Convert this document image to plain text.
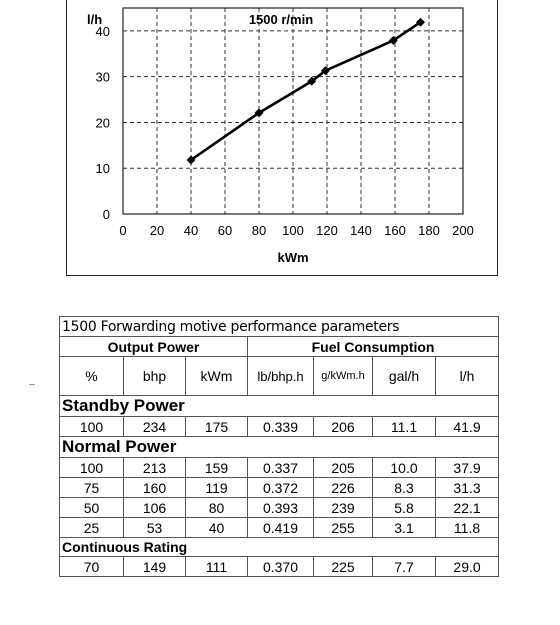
1500 r/min
l/h
kWm
0 20 40 60 80 100 120 140 160 180 200
0
10
20
30
40
1500 Forwarding motive performance parameters						
Output Power			Fuel Consumption			
%	bhp	kWm	lb/bhp.h	g/kWm.h	gal/h	l/h
Standby Power						
100	234	175	0.339	206	11.1	41.9
Normal Power						
100	213	159	0.337	205	10.0	37.9
75	160	119	0.372	226	8.3	31.3
50	106	80	0.393	239	5.8	22.1
25	53	40	0.419	255	3.1	11.8
Continuous Rating						
70	149	111	0.370	225	7.7	29.0
